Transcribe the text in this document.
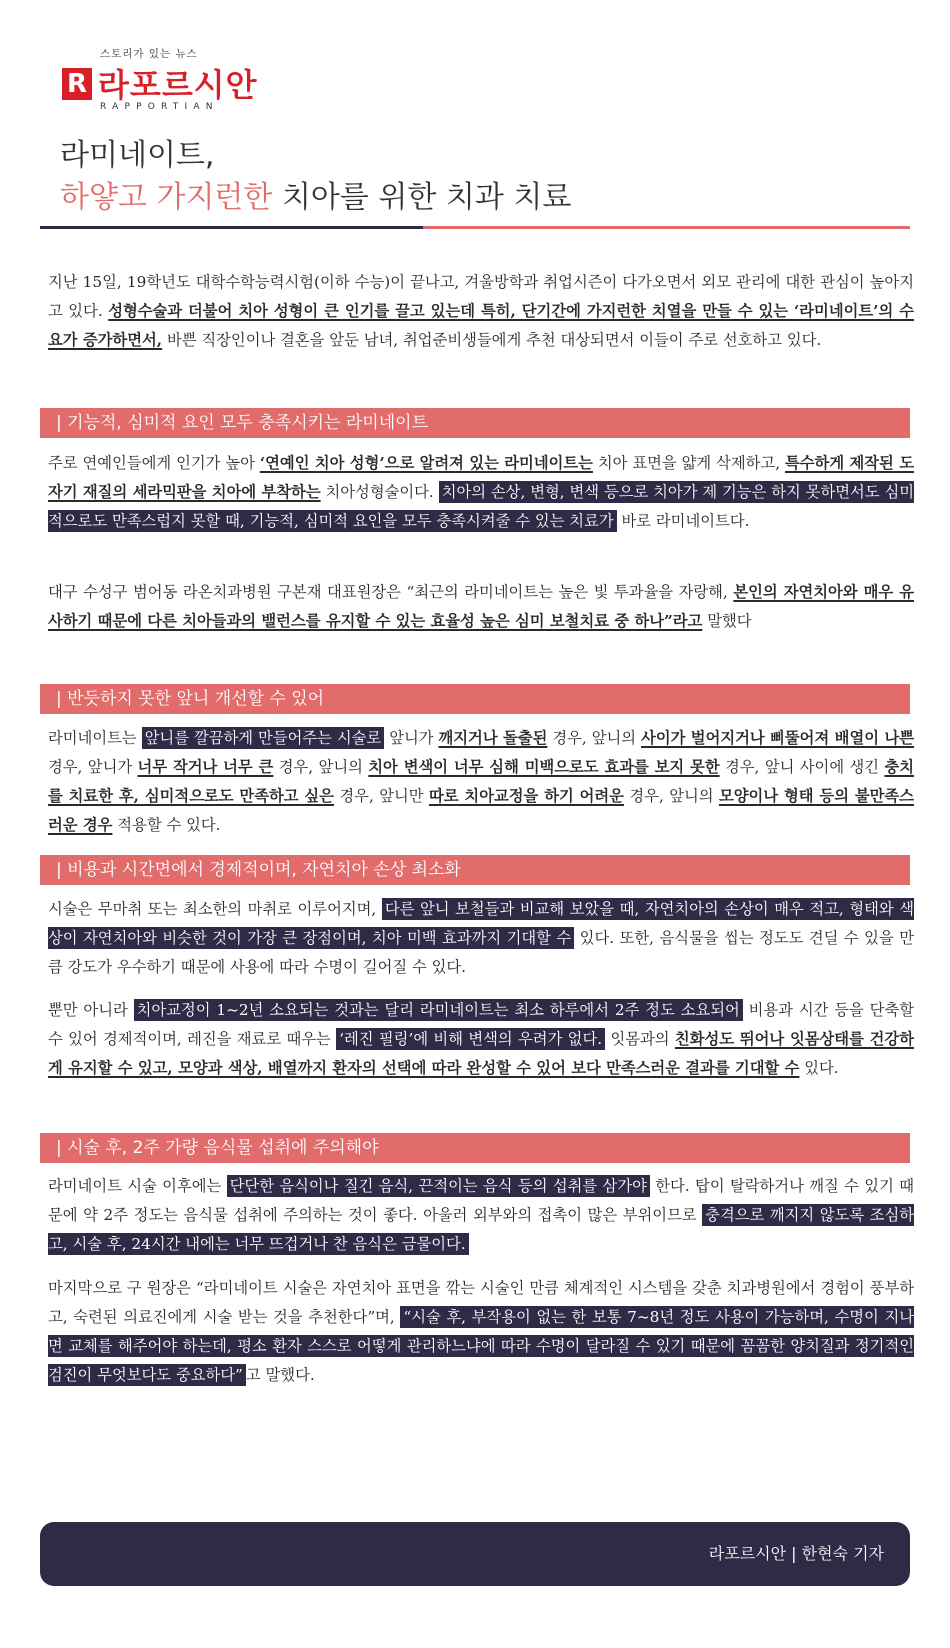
스토리가 있는 뉴스
R 라포르시안
RAPPORTIAN
라미네이트,
하얗고 가지런한 치아를 위한 치과 치료
지난 15일, 19학년도 대학수학능력시험(이하 수능)이 끝나고, 겨울방학과 취업시즌이 다가오면서 외모 관리에 대한 관심이 높아지고 있다. 성형수술과 더불어 치아 성형이 큰 인기를 끌고 있는데 특히, 단기간에 가지런한 치열을 만들 수 있는 ‘라미네이트’의 수요가 증가하면서, 바쁜 직장인이나 결혼을 앞둔 남녀, 취업준비생들에게 추천 대상되면서 이들이 주로 선호하고 있다.
| 기능적, 심미적 요인 모두 충족시키는 라미네이트
주로 연예인들에게 인기가 높아 ‘연예인 치아 성형’으로 알려져 있는 라미네이트는 치아 표면을 얇게 삭제하고, 특수하게 제작된 도자기 재질의 세라믹판을 치아에 부착하는 치아성형술이다. 치아의 손상, 변형, 변색 등으로 치아가 제 기능은 하지 못하면서도 심미적으로도 만족스럽지 못할 때, 기능적, 심미적 요인을 모두 충족시켜줄 수 있는 치료가 바로 라미네이트다.
대구 수성구 범어동 라온치과병원 구본재 대표원장은 “최근의 라미네이트는 높은 빛 투과율을 자랑해, 본인의 자연치아와 매우 유사하기 때문에 다른 치아들과의 밸런스를 유지할 수 있는 효율성 높은 심미 보철치료 중 하나”라고 말했다
| 반듯하지 못한 앞니 개선할 수 있어
라미네이트는 앞니를 깔끔하게 만들어주는 시술로 앞니가 깨지거나 돌출된 경우, 앞니의 사이가 벌어지거나 삐뚤어져 배열이 나쁜 경우, 앞니가 너무 작거나 너무 큰 경우, 앞니의 치아 변색이 너무 심해 미백으로도 효과를 보지 못한 경우, 앞니 사이에 생긴 충치를 치료한 후, 심미적으로도 만족하고 싶은 경우, 앞니만 따로 치아교정을 하기 어려운 경우, 앞니의 모양이나 형태 등의 불만족스러운 경우 적용할 수 있다.
| 비용과 시간면에서 경제적이며, 자연치아 손상 최소화
시술은 무마취 또는 최소한의 마취로 이루어지며, 다른 앞니 보철들과 비교해 보았을 때, 자연치아의 손상이 매우 적고, 형태와 색상이 자연치아와 비슷한 것이 가장 큰 장점이며, 치아 미백 효과까지 기대할 수 있다. 또한, 음식물을 씹는 정도도 견딜 수 있을 만큼 강도가 우수하기 때문에 사용에 따라 수명이 길어질 수 있다.
뿐만 아니라 치아교정이 1~2년 소요되는 것과는 달리 라미네이트는 최소 하루에서 2주 정도 소요되어 비용과 시간 등을 단축할 수 있어 경제적이며, 레진을 재료로 때우는 ‘레진 필링’에 비해 변색의 우려가 없다. 잇몸과의 친화성도 뛰어나 잇몸상태를 건강하게 유지할 수 있고, 모양과 색상, 배열까지 환자의 선택에 따라 완성할 수 있어 보다 만족스러운 결과를 기대할 수 있다.
| 시술 후, 2주 가량 음식물 섭취에 주의해야
라미네이트 시술 이후에는 단단한 음식이나 질긴 음식, 끈적이는 음식 등의 섭취를 삼가야 한다. 탑이 탈락하거나 깨질 수 있기 때문에 약 2주 정도는 음식물 섭취에 주의하는 것이 좋다. 아울러 외부와의 접촉이 많은 부위이므로 충격으로 깨지지 않도록 조심하고, 시술 후, 24시간 내에는 너무 뜨겁거나 찬 음식은 금물이다.
마지막으로 구 원장은 “라미네이트 시술은 자연치아 표면을 깎는 시술인 만큼 체계적인 시스템을 갖춘 치과병원에서 경험이 풍부하고, 숙련된 의료진에게 시술 받는 것을 추천한다”며, “시술 후, 부작용이 없는 한 보통 7~8년 정도 사용이 가능하며, 수명이 지나면 교체를 해주어야 하는데, 평소 환자 스스로 어떻게 관리하느냐에 따라 수명이 달라질 수 있기 때문에 꼼꼼한 양치질과 정기적인 검진이 무엇보다도 중요하다” 고 말했다.
라포르시안 | 한현숙 기자
